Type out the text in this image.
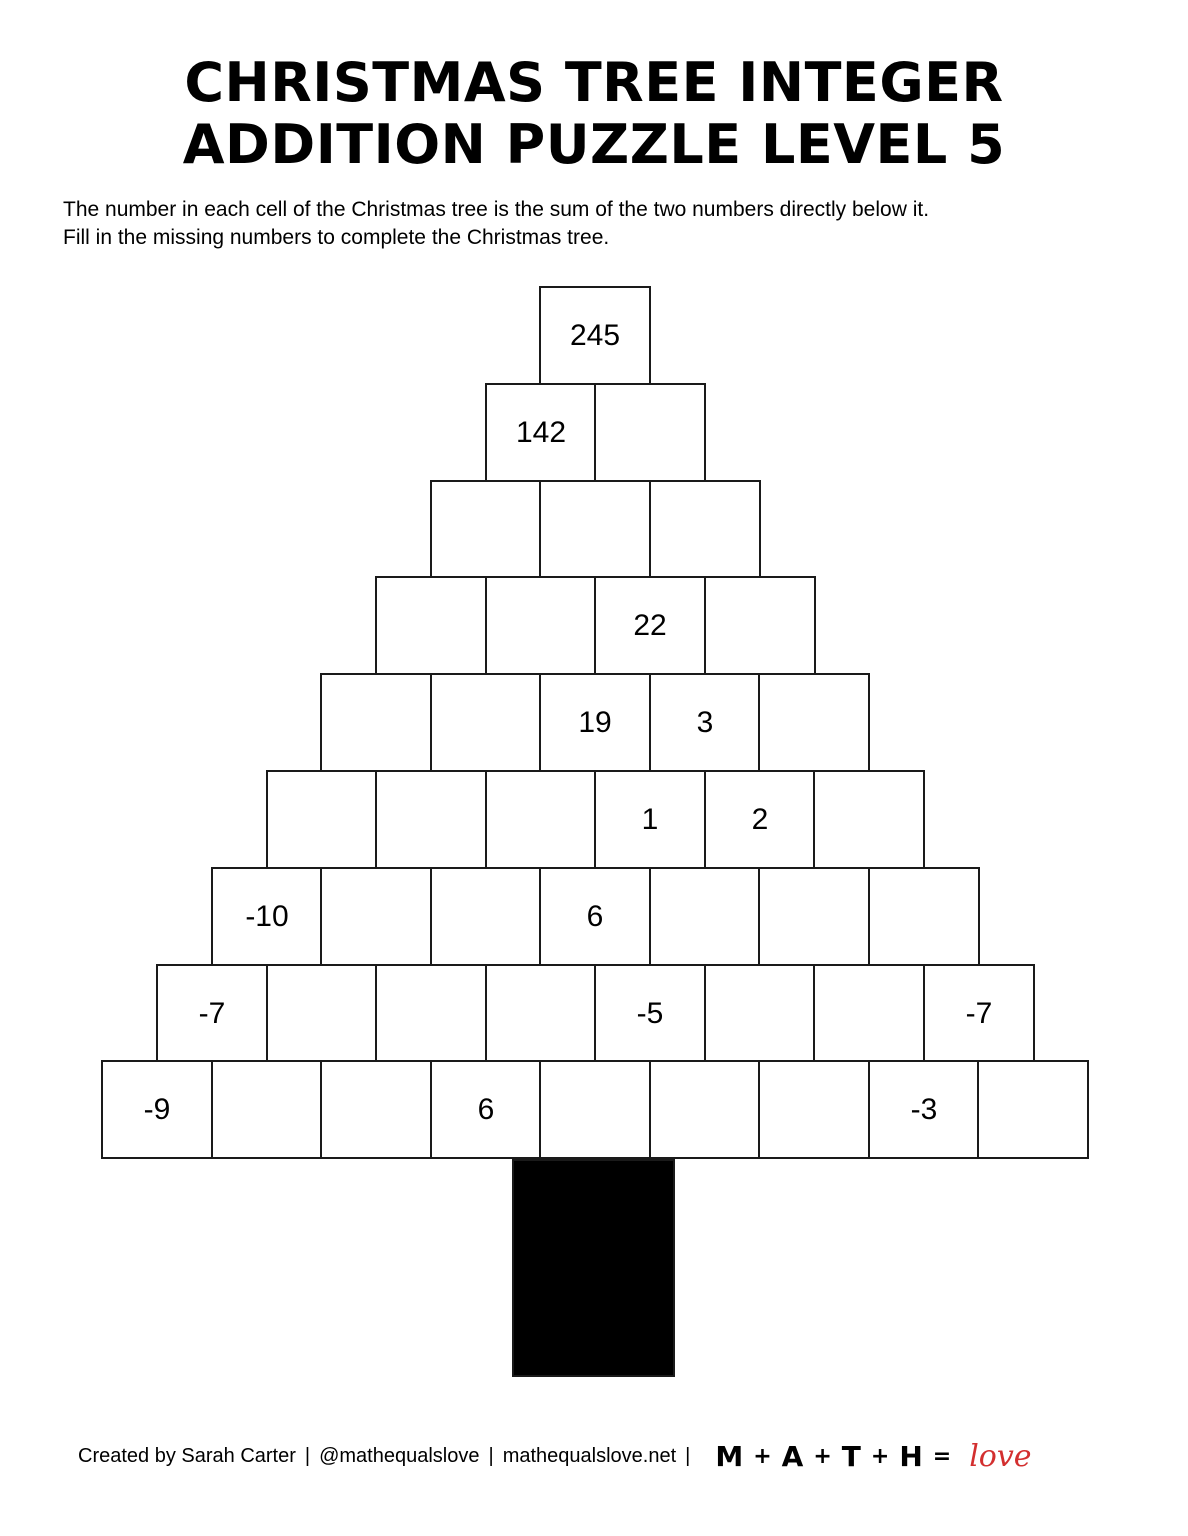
CHRISTMAS TREE INTEGER
ADDITION PUZZLE LEVEL 5

The number in each cell of the Christmas tree is the sum of the two numbers directly below it.
Fill in the missing numbers to complete the Christmas tree.

245
142
22
19	3
1	2
-10	6
-7	-5	-7
-9	6	-3
Created by Sarah Carter | @mathequalslove | mathequalslove.net | M + A + T + H = love
